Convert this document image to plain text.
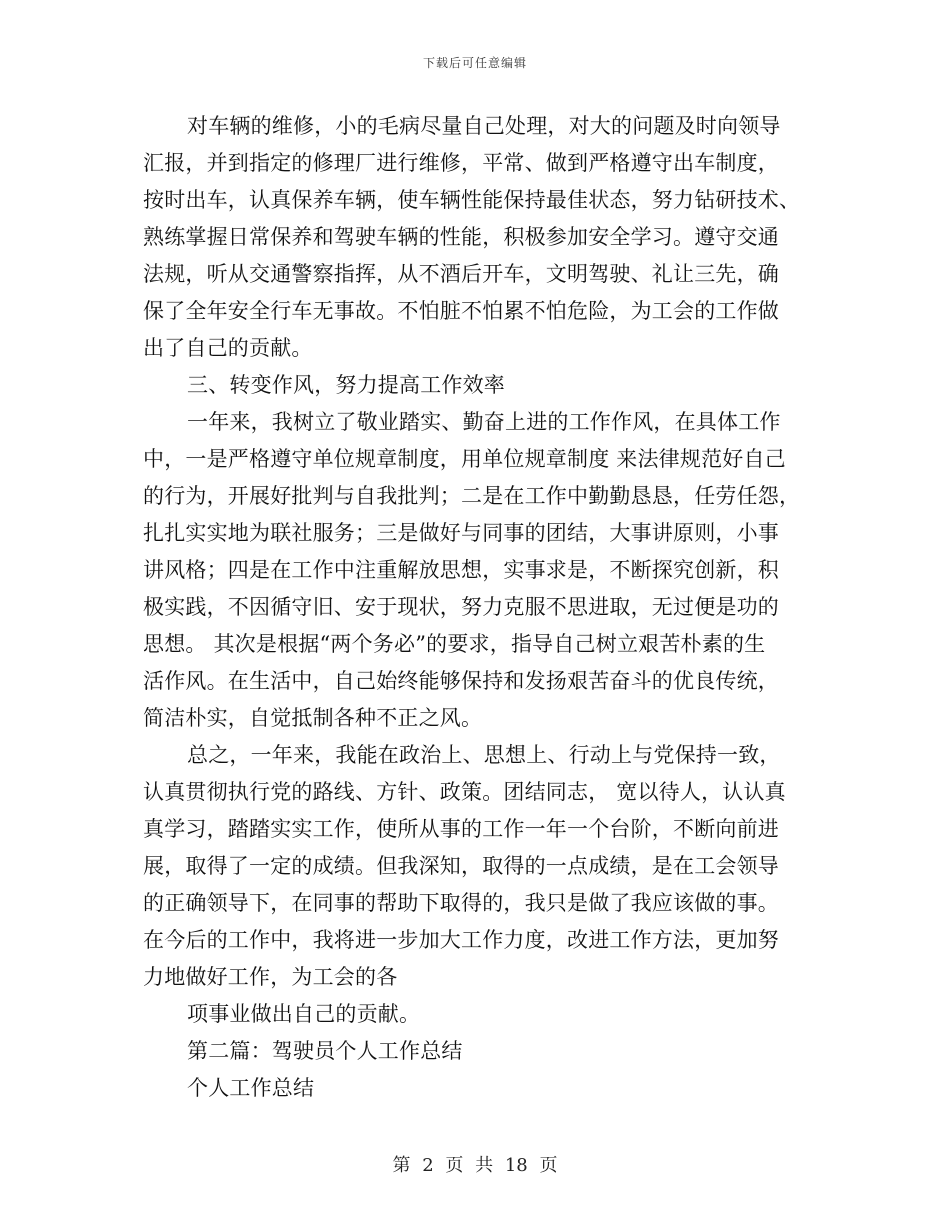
下载后可任意编辑
对车辆的维修，小的毛病尽量自己处理，对大的问题及时向领导
汇报，并到指定的修理厂进行维修，平常、做到严格遵守出车制度，
按时出车，认真保养车辆，使车辆性能保持最佳状态，努力钻研技术、
熟练掌握日常保养和驾驶车辆的性能，积极参加安全学习。遵守交通
法规，听从交通警察指挥，从不酒后开车，文明驾驶、礼让三先，确
保了全年安全行车无事故。不怕脏不怕累不怕危险，为工会的工作做
出了自己的贡献。
三、转变作风，努力提高工作效率
一年来，我树立了敬业踏实、勤奋上进的工作作风，在具体工作
中，一是严格遵守单位规章制度，用单位规章制度 来法律规范好自己
的行为，开展好批判与自我批判；二是在工作中勤勤恳恳，任劳任怨，
扎扎实实地为联社服务；三是做好与同事的团结，大事讲原则，小事
讲风格；四是在工作中注重解放思想，实事求是，不断探究创新，积
极实践，不因循守旧、安于现状，努力克服不思进取，无过便是功的
思想。 其次是根据“两个务必”的要求，指导自己树立艰苦朴素的生
活作风。在生活中，自己始终能够保持和发扬艰苦奋斗的优良传统，
简洁朴实，自觉抵制各种不正之风。
总之，一年来，我能在政治上、思想上、行动上与党保持一致，
认真贯彻执行党的路线、方针、政策。团结同志， 宽以待人，认认真
真学习，踏踏实实工作，使所从事的工作一年一个台阶，不断向前进
展，取得了一定的成绩。但我深知，取得的一点成绩，是在工会领导
的正确领导下，在同事的帮助下取得的，我只是做了我应该做的事。
在今后的工作中，我将进一步加大工作力度，改进工作方法，更加努
力地做好工作，为工会的各
项事业做出自己的贡献。
第二篇：驾驶员个人工作总结
个人工作总结
第 2 页 共 18 页
